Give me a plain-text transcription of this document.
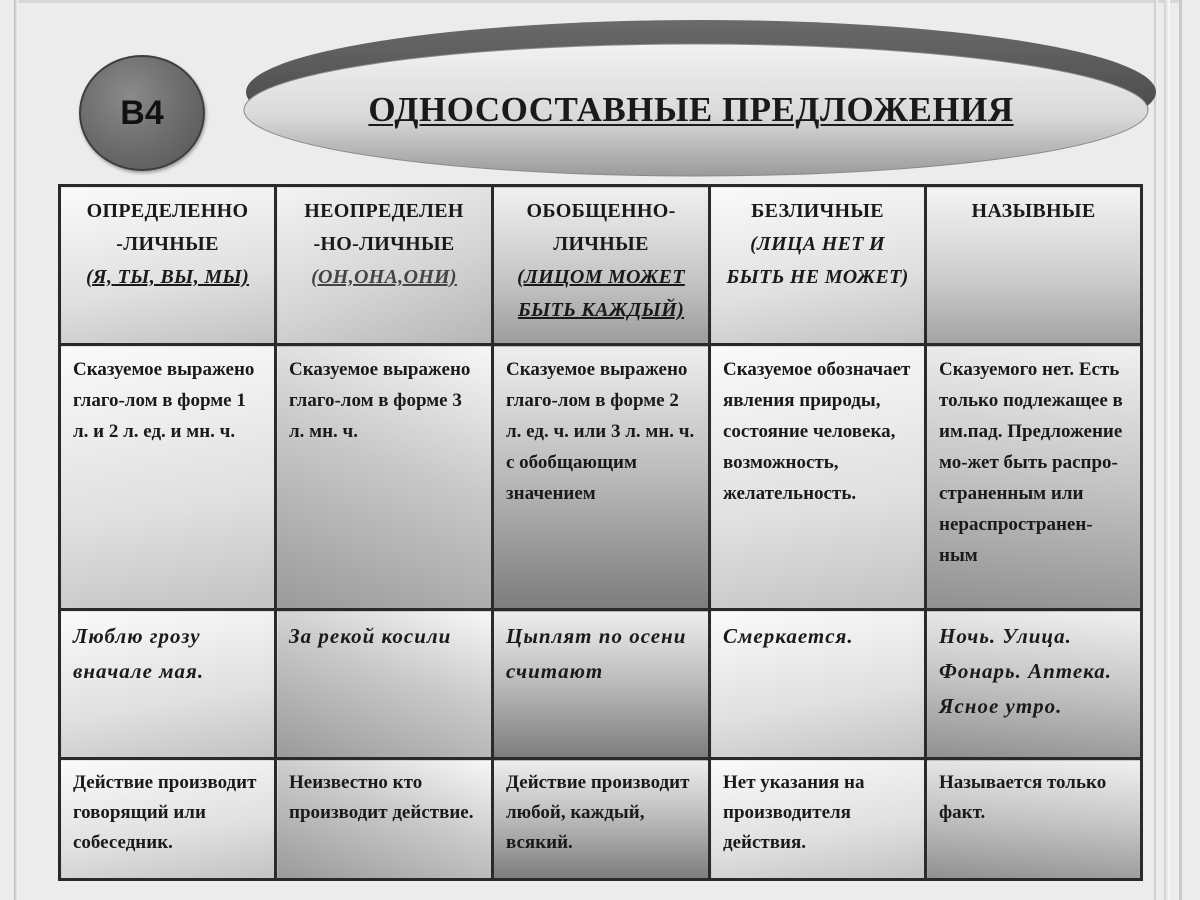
B4	ОДНОСОСТАВНЫЕ ПРЕДЛОЖЕНИЯ
ОПРЕДЕЛЕННО
-ЛИЧНЫЕ
(Я, ТЫ, ВЫ, МЫ)	НЕОПРЕДЕЛЕН
-НО-ЛИЧНЫЕ
(ОН,ОНА,ОНИ)	ОБОБЩЕННО-
ЛИЧНЫЕ
(ЛИЦОМ МОЖЕТ БЫТЬ КАЖДЫЙ)	БЕЗЛИЧНЫЕ
(ЛИЦА НЕТ И БЫТЬ НЕ МОЖЕТ)	НАЗЫВНЫЕ
Сказуемое выражено глаго-лом в форме 1 л. и 2 л. ед. и мн. ч.	Сказуемое выражено глаго-лом в форме 3 л. мн. ч.	Сказуемое выражено глаго-лом в форме 2 л. ед. ч. или 3 л. мн. ч. с обобщающим значением	Сказуемое обозначает явления природы, состояние человека, возможность, желательность.	Сказуемого нет. Есть только подлежащее в им.пад. Предложение мо-жет быть распро-страненным или нераспространен-ным

Люблю грозу вначале мая.	За рекой косили	Цыплят по осени считают	Смеркается.	Ночь. Улица. Фонарь. Аптека. Ясное утро.
Действие производит говорящий или собеседник.	Неизвестно кто производит действие.	Действие производит любой, каждый, всякий.	Нет указания на производителя действия.	Называется только факт.
